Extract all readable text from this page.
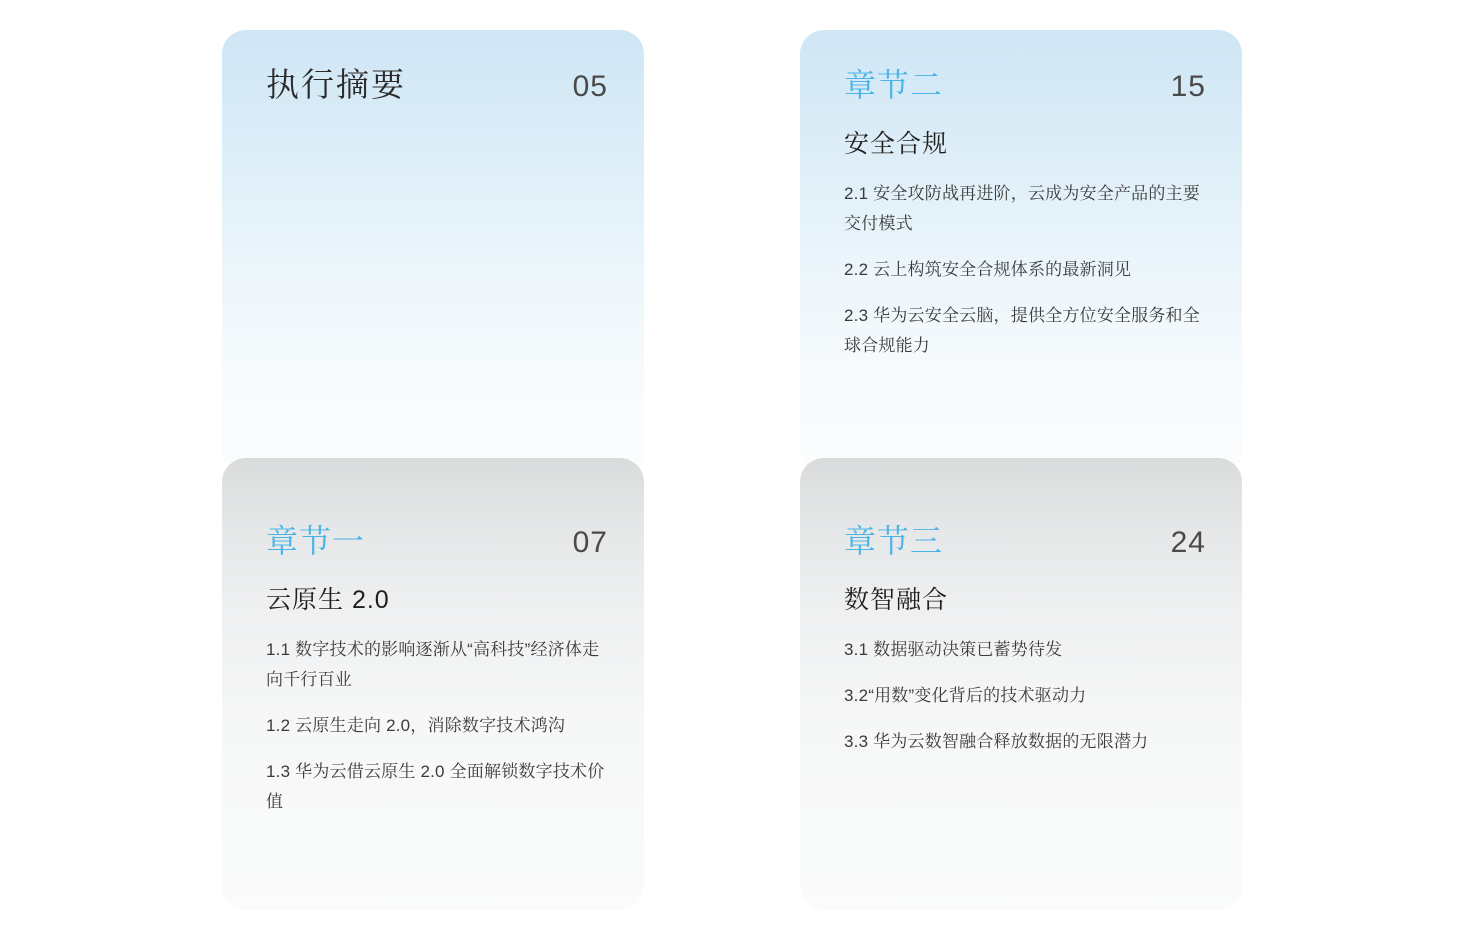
执行摘要	05
章节一	07
云原生 2.0
1.1 数字技术的影响逐渐从“高科技”经济体走向千行百业
1.2 云原生走向 2.0，消除数字技术鸿沟
1.3 华为云借云原生 2.0 全面解锁数字技术价值
章节二	15
安全合规
2.1 安全攻防战再进阶，云成为安全产品的主要交付模式
2.2 云上构筑安全合规体系的最新洞见
2.3 华为云安全云脑，提供全方位安全服务和全球合规能力
章节三	24
数智融合
3.1 数据驱动决策已蓄势待发
3.2“用数”变化背后的技术驱动力
3.3 华为云数智融合释放数据的无限潜力
